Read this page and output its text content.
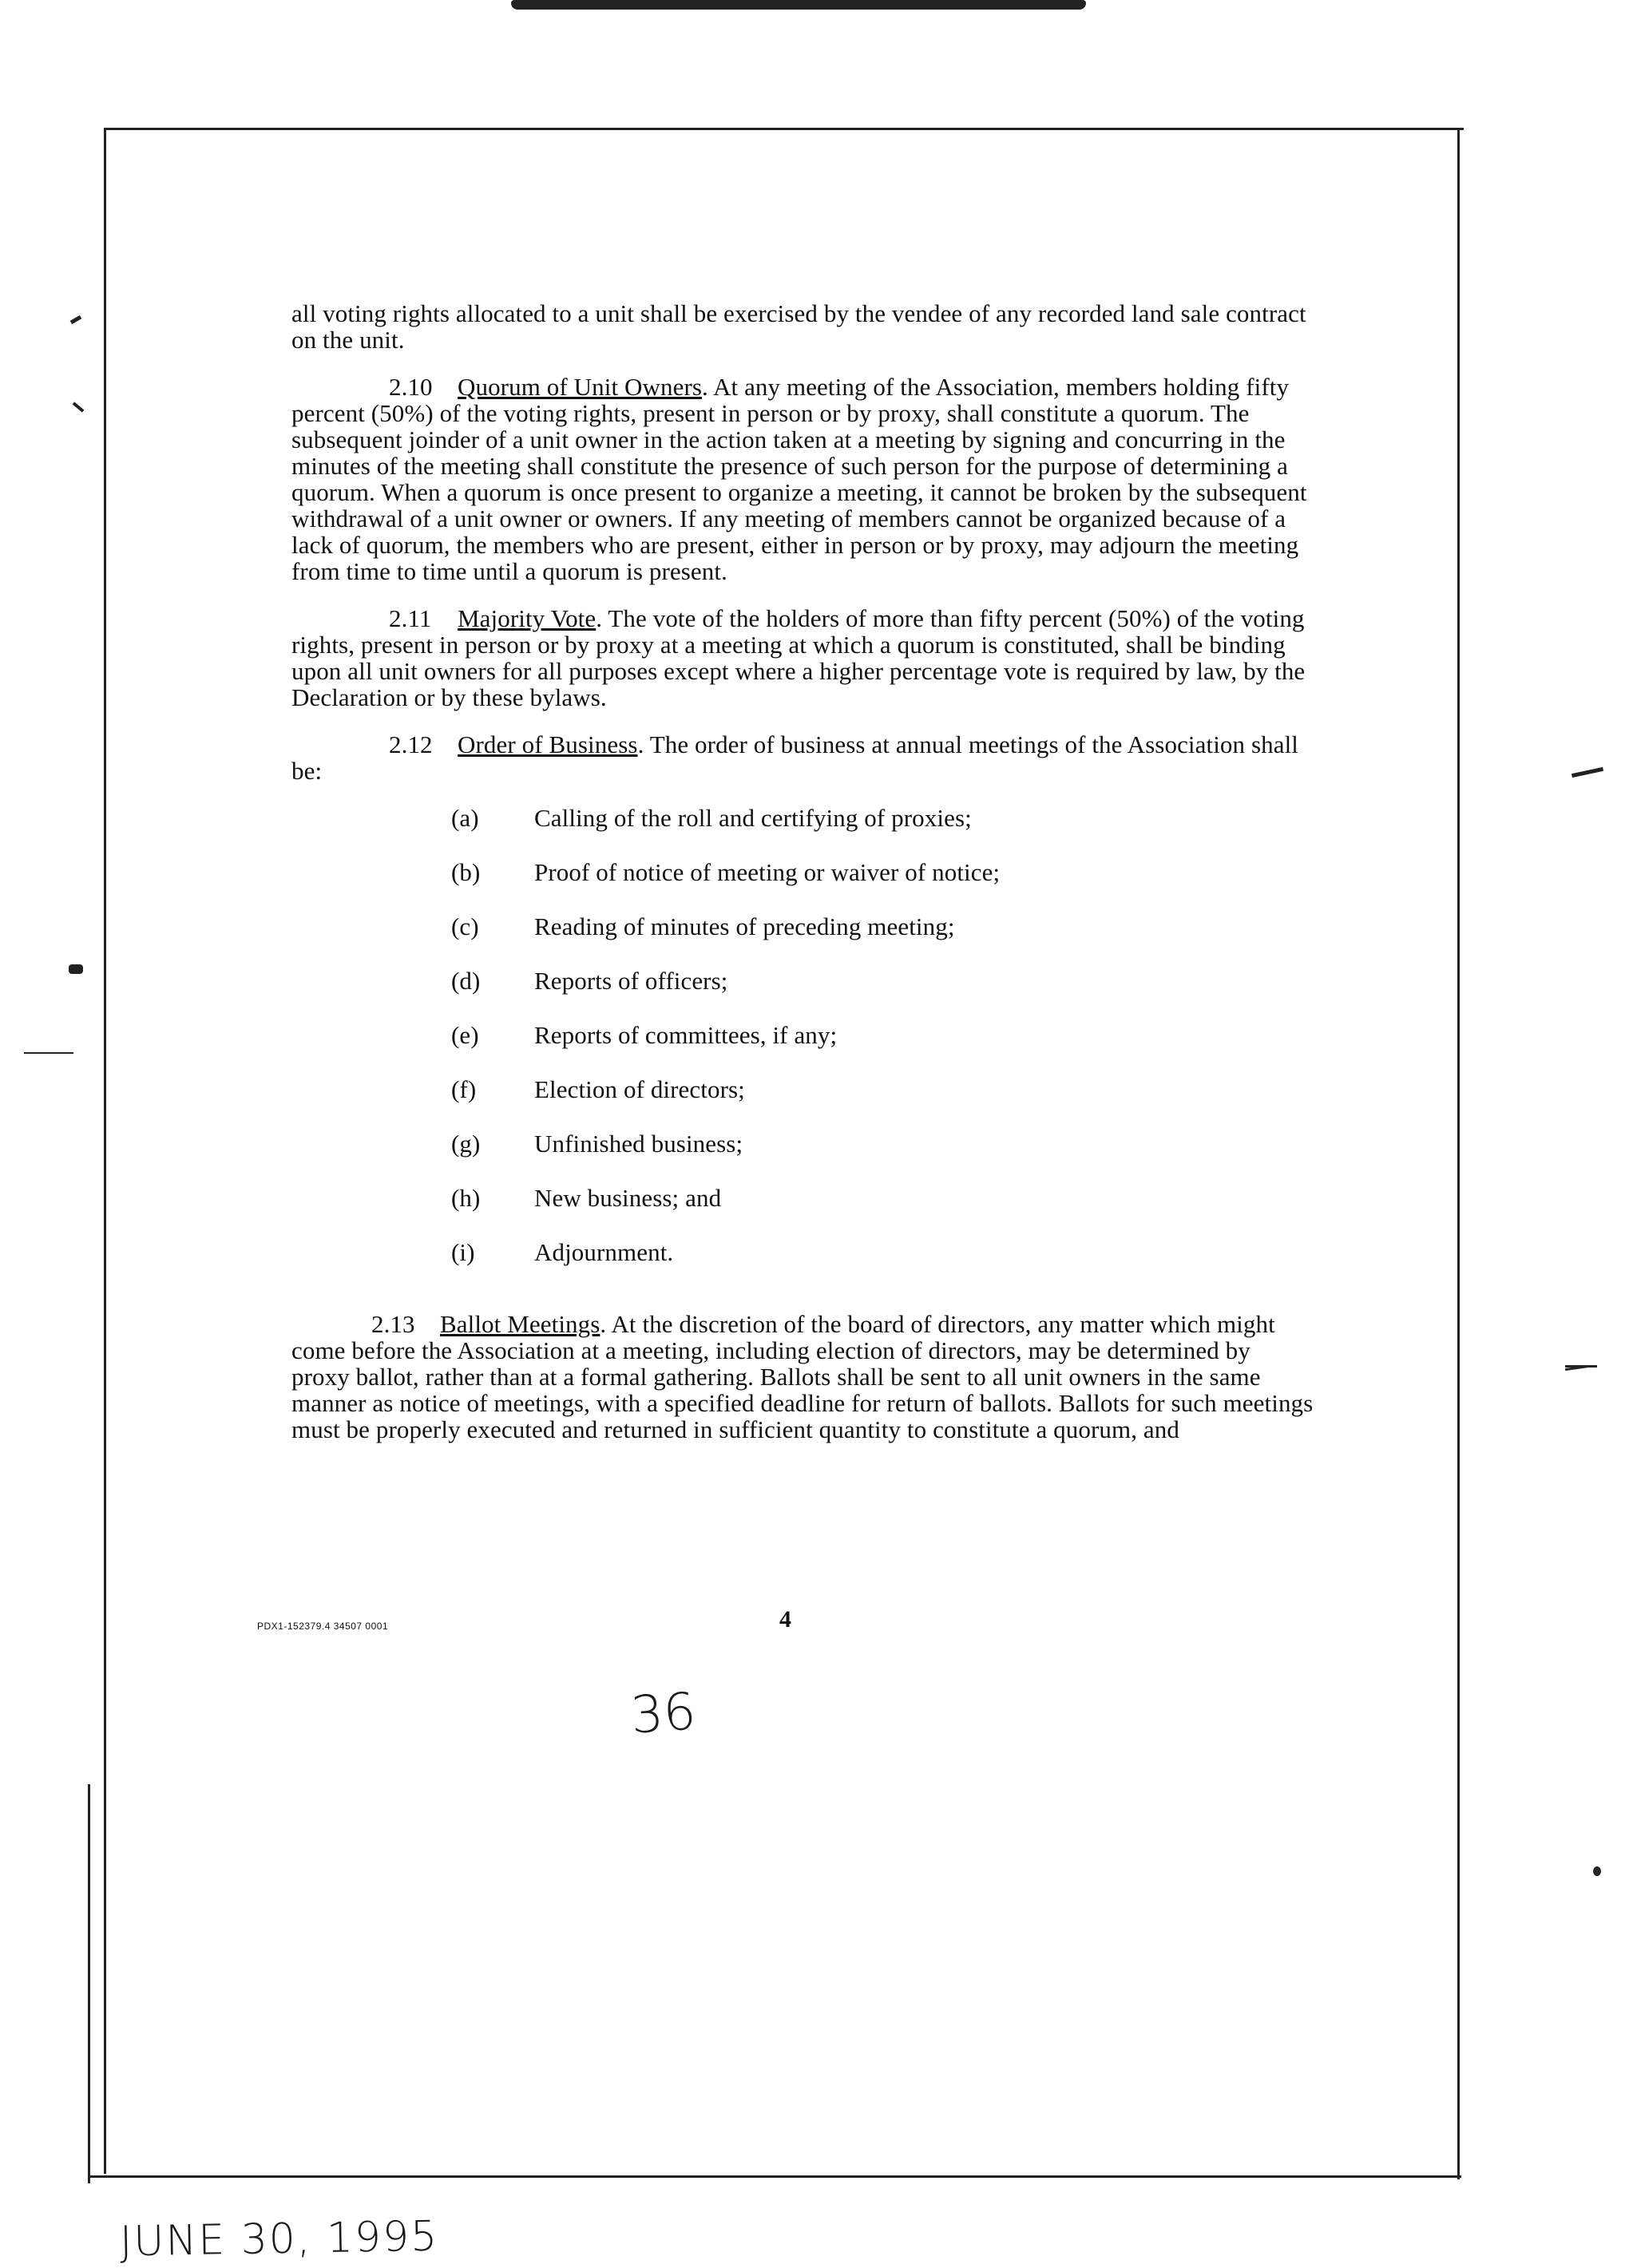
all voting rights allocated to a unit shall be exercised by the vendee of any recorded land sale contract on the unit.

2.10 Quorum of Unit Owners. At any meeting of the Association, members holding fifty percent (50%) of the voting rights, present in person or by proxy, shall constitute a quorum. The subsequent joinder of a unit owner in the action taken at a meeting by signing and concurring in the minutes of the meeting shall constitute the presence of such person for the purpose of determining a quorum. When a quorum is once present to organize a meeting, it cannot be broken by the subsequent withdrawal of a unit owner or owners. If any meeting of members cannot be organized because of a lack of quorum, the members who are present, either in person or by proxy, may adjourn the meeting from time to time until a quorum is present.

2.11 Majority Vote. The vote of the holders of more than fifty percent (50%) of the voting rights, present in person or by proxy at a meeting at which a quorum is constituted, shall be binding upon all unit owners for all purposes except where a higher percentage vote is required by law, by the Declaration or by these bylaws.

2.12 Order of Business. The order of business at annual meetings of the Association shall be:

(a)	Calling of the roll and certifying of proxies;
(b)	Proof of notice of meeting or waiver of notice;
(c)	Reading of minutes of preceding meeting;
(d)	Reports of officers;
(e)	Reports of committees, if any;
(f)	Election of directors;
(g)	Unfinished business;
(h)	New business; and
(i)	Adjournment.

2.13 Ballot Meetings. At the discretion of the board of directors, any matter which might come before the Association at a meeting, including election of directors, may be determined by proxy ballot, rather than at a formal gathering. Ballots shall be sent to all unit owners in the same manner as notice of meetings, with a specified deadline for return of ballots. Ballots for such meetings must be properly executed and returned in sufficient quantity to constitute a quorum, and

PDX1-152379.4 34507 0001	4
36
JUNE 30, 1995
